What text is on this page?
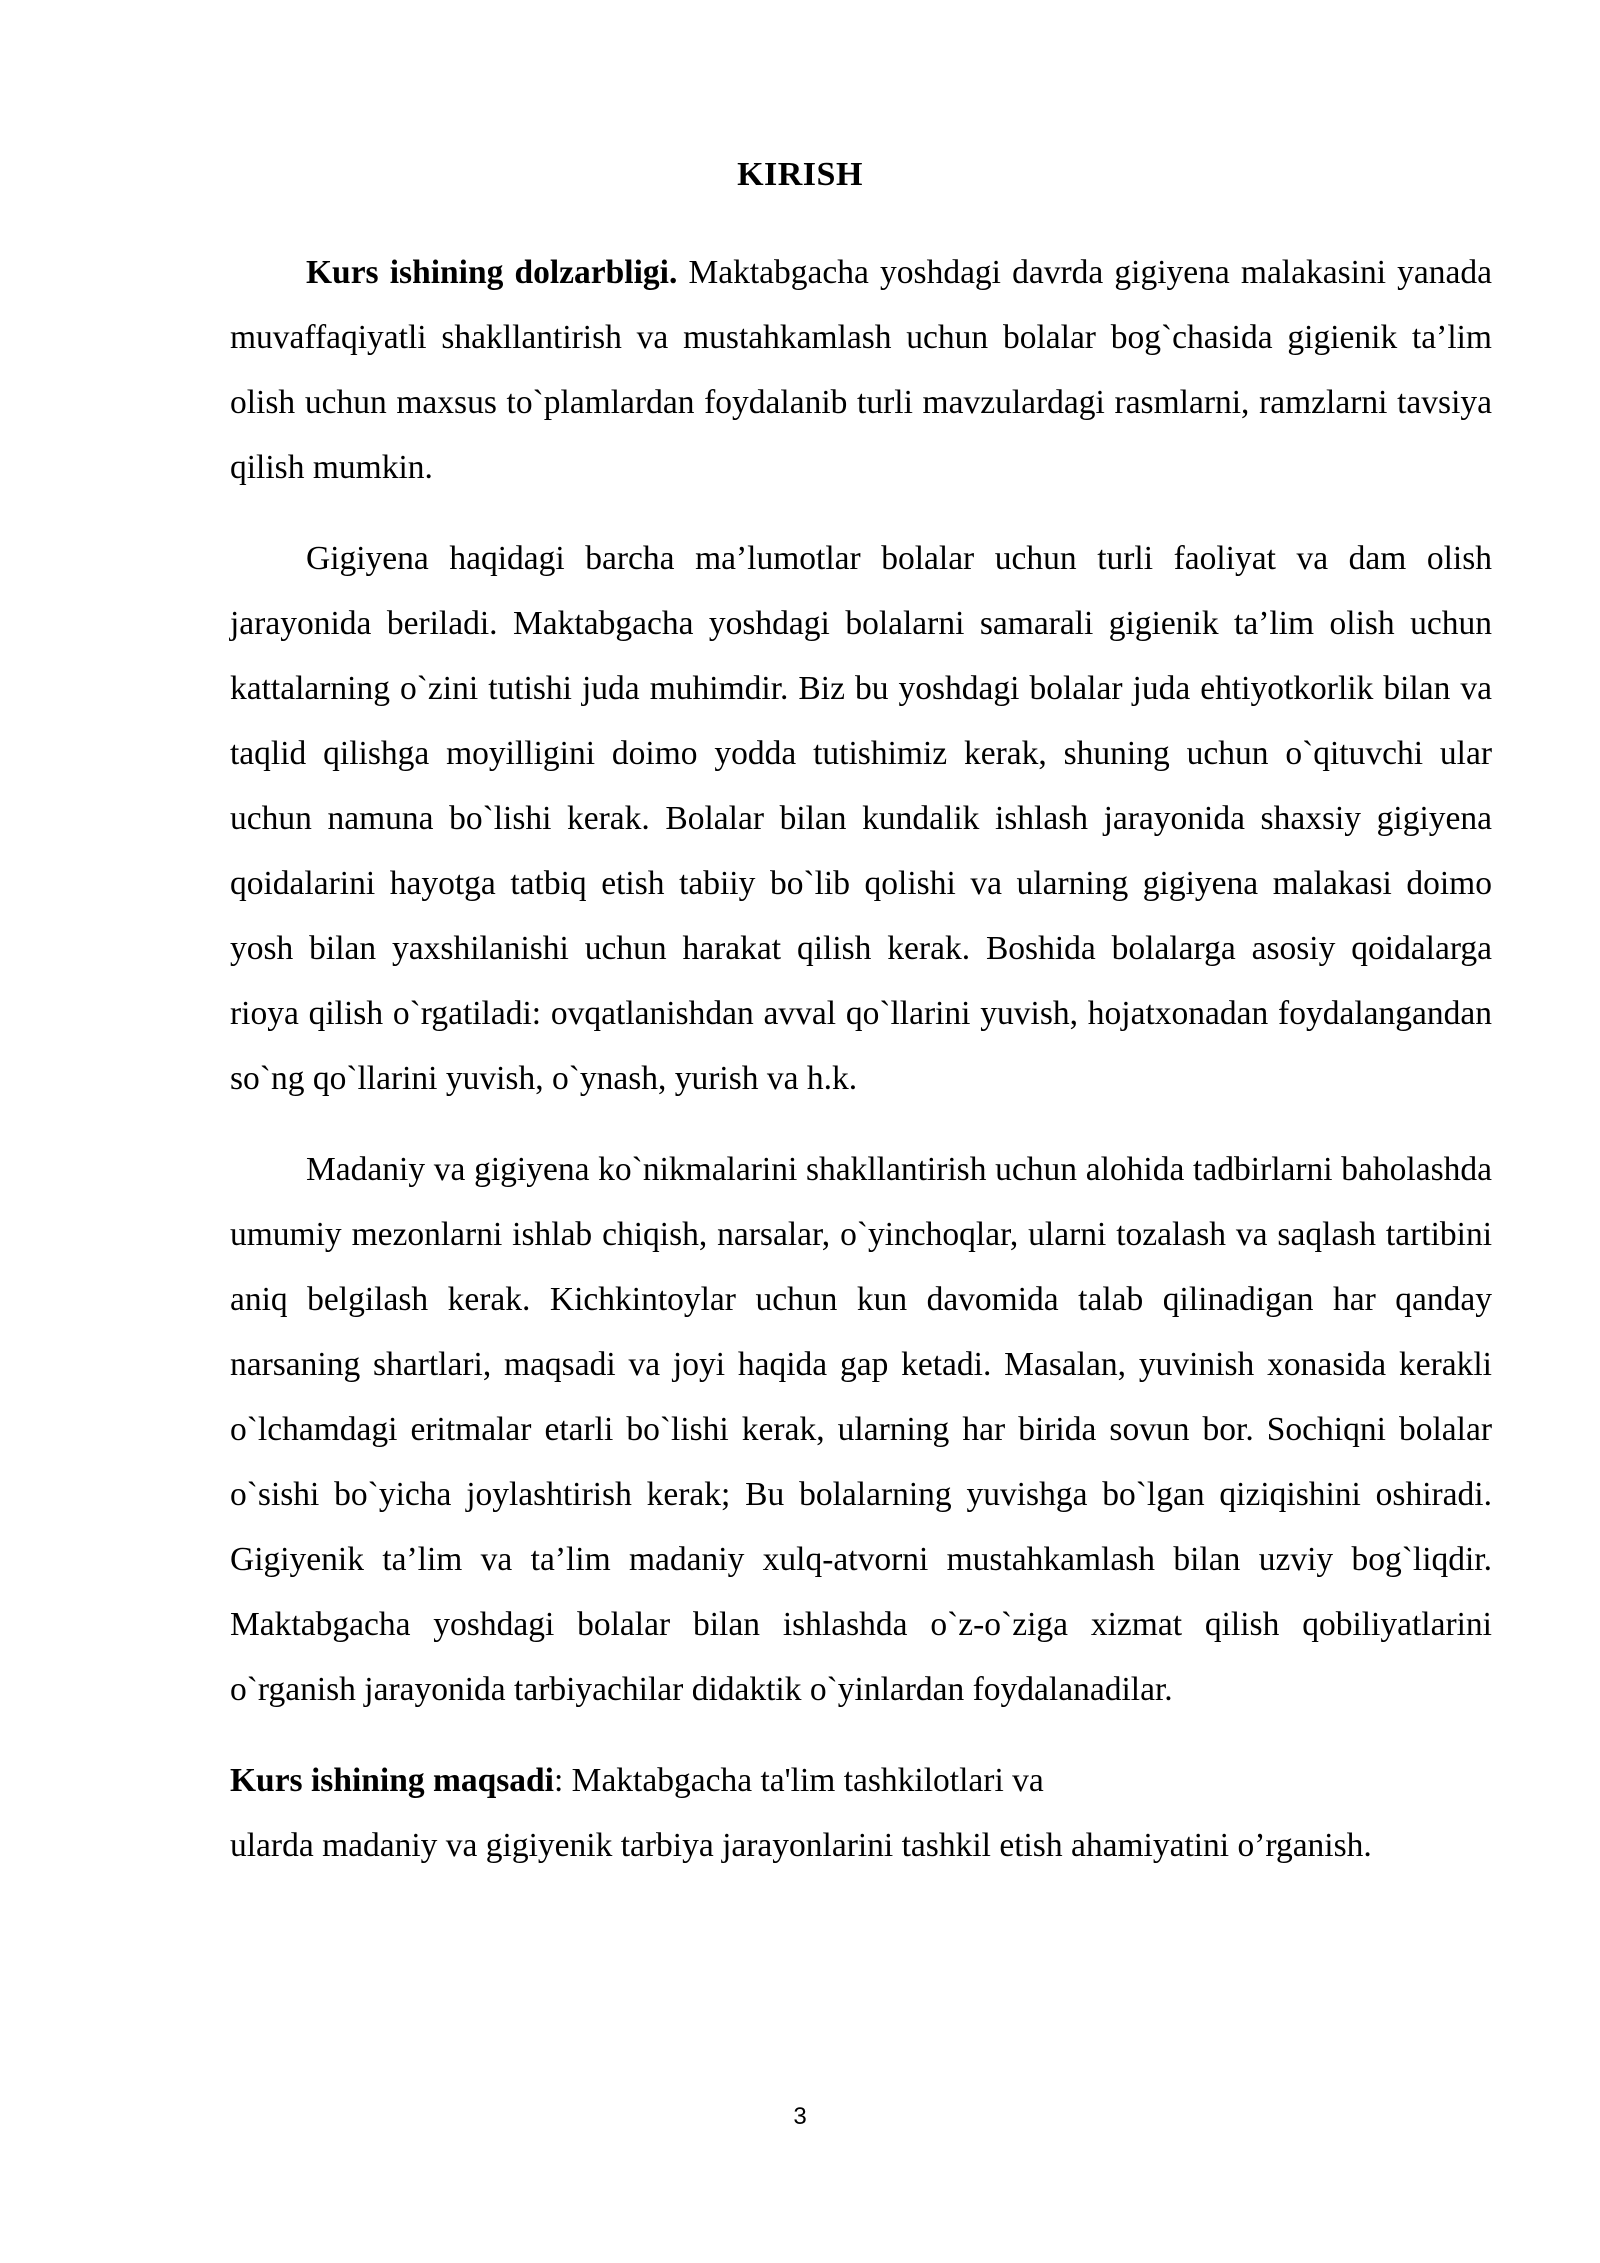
KIRISH

Kurs ishining dolzarbligi. Maktabgacha yoshdagi davrda gigiyena malakasini yanada muvaffaqiyatli shakllantirish va mustahkamlash uchun bolalar bog`chasida gigienik ta’lim olish uchun maxsus to`plamlardan foydalanib turli mavzulardagi rasmlarni, ramzlarni tavsiya qilish mumkin.

Gigiyena haqidagi barcha ma’lumotlar bolalar uchun turli faoliyat va dam olish jarayonida beriladi. Maktabgacha yoshdagi bolalarni samarali gigienik ta’lim olish uchun kattalarning o`zini tutishi juda muhimdir. Biz bu yoshdagi bolalar juda ehtiyotkorlik bilan va taqlid qilishga moyilligini doimo yodda tutishimiz kerak, shuning uchun o`qituvchi ular uchun namuna bo`lishi kerak. Bolalar bilan kundalik ishlash jarayonida shaxsiy gigiyena qoidalarini hayotga tatbiq etish tabiiy bo`lib qolishi va ularning gigiyena malakasi doimo yosh bilan yaxshilanishi uchun harakat qilish kerak. Boshida bolalarga asosiy qoidalarga rioya qilish o`rgatiladi: ovqatlanishdan avval qo`llarini yuvish, hojatxonadan foydalangandan so`ng qo`llarini yuvish, o`ynash, yurish va h.k.

Madaniy va gigiyena ko`nikmalarini shakllantirish uchun alohida tadbirlarni baholashda umumiy mezonlarni ishlab chiqish, narsalar, o`yinchoqlar, ularni tozalash va saqlash tartibini aniq belgilash kerak. Kichkintoylar uchun kun davomida talab qilinadigan har qanday narsaning shartlari, maqsadi va joyi haqida gap ketadi. Masalan, yuvinish xonasida kerakli o`lchamdagi eritmalar etarli bo`lishi kerak, ularning har birida sovun bor. Sochiqni bolalar o`sishi bo`yicha joylashtirish kerak; Bu bolalarning yuvishga bo`lgan qiziqishini oshiradi. Gigiyenik ta’lim va ta’lim madaniy xulq-atvorni mustahkamlash bilan uzviy bog`liqdir. Maktabgacha yoshdagi bolalar bilan ishlashda o`z-o`ziga xizmat qilish qobiliyatlarini o`rganish jarayonida tarbiyachilar didaktik o`yinlardan foydalanadilar.

Kurs ishining maqsadi: Maktabgacha ta'lim tashkilotlari va
ularda madaniy va gigiyenik tarbiya jarayonlarini tashkil etish ahamiyatini o’rganish.

3
